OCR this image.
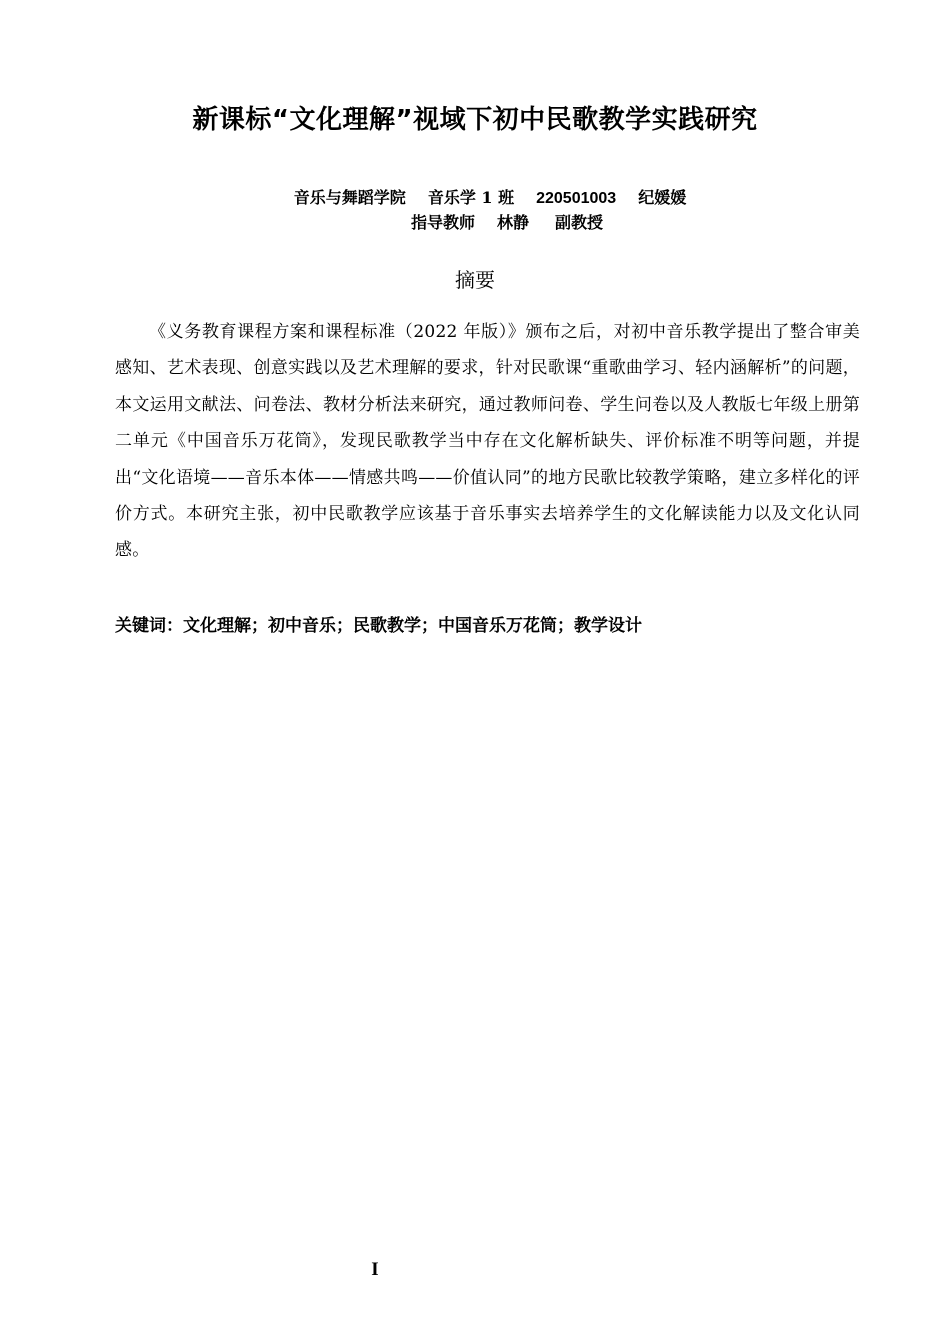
新课标“文化理解”视域下初中民歌教学实践研究
音乐与舞蹈学院 音乐学 1 班 220501003 纪媛媛
指导教师 林静 副教授
摘要

《义务教育课程方案和课程标准（2022 年版）》颁布之后，对初中音乐教学提出了整合审美感知、艺术表现、创意实践以及艺术理解的要求，针对民歌课“重歌曲学习、轻内涵解析”的问题，本文运用文献法、问卷法、教材分析法来研究，通过教师问卷、学生问卷以及人教版七年级上册第二单元《中国音乐万花筒》，发现民歌教学当中存在文化解析缺失、评价标准不明等问题，并提出“文化语境——音乐本体——情感共鸣——价值认同”的地方民歌比较教学策略，建立多样化的评价方式。本研究主张，初中民歌教学应该基于音乐事实去培养学生的文化解读能力以及文化认同感。

关键词：文化理解；初中音乐；民歌教学；中国音乐万花筒；教学设计
I
